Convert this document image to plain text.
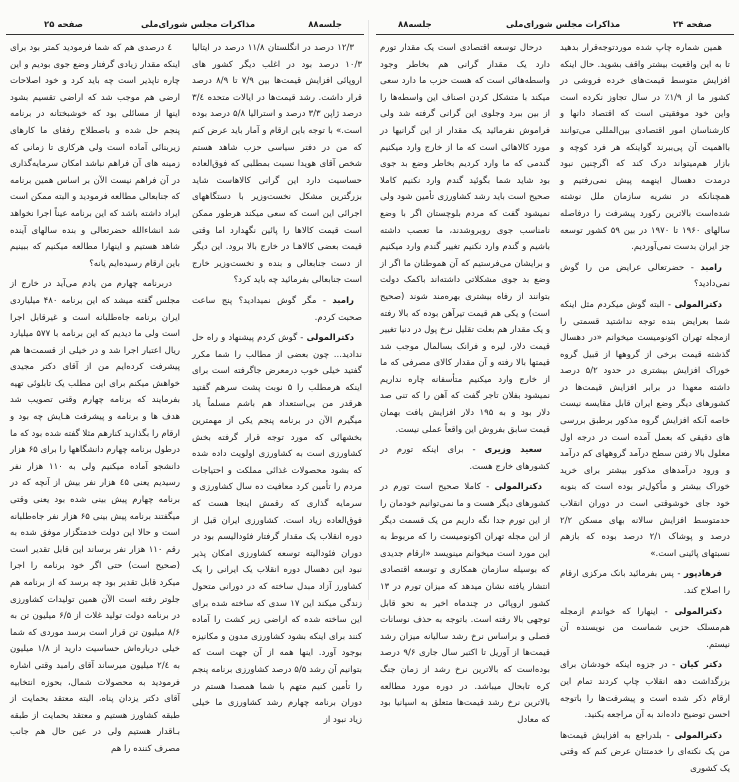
صفحه ۲۵	مذاکرات مجلس شورای‌ملی	جلسه۸۸	جلسه۸۸	مذاکرات مجلس شورای‌ملی	صفحه ۲۴

٤ درصدی هم که شما فرمودید کمتر بود برای اینکه مقدار زیادی گرفتار وضع جوی بودیم و این چاره ناپذیر است چه باید کرد و خود اصلاحات ارضی هم موجب شد که اراضی تقسیم بشود اینها از مسائلی بود که خوشبختانه در برنامه پنجم حل شده و باصطلاح رفقای ما کارهای زیربنائی آماده است ولی هرکاری تا زمانی که زمینه های آن فراهم نباشد امکان سرمایه‌گذاری در آن فراهم نیست الآن بر اساس همین برنامه که جنابعالی مطالعه فرمودید و البته ممکن است ایراد داشته باشد که این برنامه عیناً اجرا نخواهد شد انشاءالله حضرتعالی و بنده سالهای آینده شاهد هستیم و اینهارا مطالعه میکنیم که ببینیم باین ارقام رسیده‌ایم یانه؟

دربرنامه چهارم من یادم می‌آید در خارج از مجلس گفته میشد که این برنامه ۴۸۰ میلیاردی ایران برنامه جاه‌طلبانه است و غیرقابل اجرا است ولی ما دیدیم که این برنامه با ۵۷۷ میلیارد ریال اعتبار اجرا شد و در خیلی از قسمت‌ها هم پیشرفت کرده‌ایم من از آقای دکتر مجیدی خواهش میکنم برای این مطلب یک تابلوئی تهیه بفرمایند که برنامه چهارم وقتی تصویب شد هدف ها و برنامه و پیشرفت هـایش چه بود و ارقام را بگذارید کنارهم مثلا گفته شده بود که ما درطول برنامه چهارم دانشگاهها را برای ۶۵ هزار دانشجو آماده میکنیم ولی به ۱۱۰ هزار نفر رسیدیم یعنی ٤۵ هزار نفر بیش از آنچه که در برنامه چهارم پیش بینی شده بود یعنی وقتی میگفتند برنامه پیش بینی ۶۵ هزار نفر جاه‌طلبانه است و حالا این دولت خدمتگزار موفق شده به رقم ۱۱۰ هزار نفر برساند این قابل تقدیر است (صحیح است) حتی اگر خود برنامه را اجرا میکرد قابل تقدیر بود چه برسد که از برنامه هم جلوتر رفته است الآن همین تولیدات کشاورزی در برنامه دولت تولید غلات از ۶/۵ میلیون تن به ۸/۶ میلیون تن قرار است برسد موردی که شما خیلی درباره‌اش حساسیت دارید از ۱/۸ میلیون به ۲/٤ میلیون میرساند آقای رامبد وقتی اشاره فرمودید به محصولات شمال، بحوزه انتخابیه آقای دکتر یزدان پناه، البته معتقد بحمایت از طبقه کشاورز هستیم و معتقد بحمایت از طبقه بـاقدار هستیم ولی در عین حال هم جانب مصرف کننده را هم

۱۲/۳ درصد در انگلستان ۱۱/۸ درصد در ایتالیا ۱۰/۳ درصد بود در اغلب دیگر کشور های اروپائی افزایش قیمت‌ها بین ۷/۹ تا ۸/۹ درصد قرار داشت. رشد قیمت‌ها در ایالات متحده ۳/٤ درصد ژاپن ۳/۳ درصد و استرالیا ۵/۸ درصد بوده است.» با توجه باین ارقام و آمار باید عرض کنم که من در دفتر سیاسی حزب شاهد هستم شخص آقای هویدا نسبت بمطلبی که فوق‌العاده حساسیت دارد این گرانی کالاهاست شاید بزرگترین مشکل نخست‌وزیر با دستگاههای اجرائی این است که سعی میکند هرطور ممکن است قیمت کالاها را پائین نگهدارد اما وقتی قیمت بعضی کالاهـا در خارج بالا برود. این دیگر از دست جنابعالی و بنده و نخست‌وزیر خارج است جنابعالی بفرمائید چه باید کرد؟

رامبد - مگر گوش نمیدادید؟ پنج ساعت صحبت کردم.

دکترالمولی - گوش کردم پیشنهاد و راه حل ندادید... چون بعضی از مطالب را شما مکرر گفتید خیلی خوب درمعرض جاگرفته است برای اینکه هرمطلب را ۵ نوبت پشت سرهم گفتید هرقدر من بی‌استعداد هم باشم مسلماً یاد میگیرم الآن در برنامه پنجم یکی از مهمترین بخشهائی که مورد توجه قرار گرفته بخش کشاورزی است به کشاورزی اولویت داده شده که بشود محصولات غذائی مملکت و احتیاجات مردم را تأمین کرد معافیت ده سال کشاورزی و سرمایه گذاری که رقمش اینجا هست که فوق‌العاده زیاد است. کشاورزی ایران قبل از دوره انقلاب یک مقدار گرفتار فئودالیسم بود در دوران فئودالیته توسعه کشاورزی امکان پذیر نبود این دهسال دوره انقلاب یک ایرانی را یک کشاورز آزاد مبدل ساخته که در دورانی متحول زندگی میکند این ۱۷ سدی که ساخته شده برای این ساخته شده که اراضی زیر کشت را آماده کنند برای اینکه بشود کشاورزی مدون و مکانیزه بوجود آورد. اینها همه از آن جهت است که بتوانیم آن رشد ۵/۵ درصد کشاورزی برنامه پنجم را تأمین کنیم متهم با شما همصدا هستم در دوران برنامه چهارم رشد کشاورزی ما خیلی زیاد نبود از

درحال توسعه اقتصادی است یک مقدار تورم دارد یک مقدار گرانی هم بخاطر وجود واسطه‌هائی است که هست حزب ما دارد سعی میکند با متشکل کردن اصناف این واسطه‌ها را از بین ببرد وجلوی این گرانی گرفته شد ولی فراموش نفرمائید یک مقدار از این گرانیها در مورد کالاهائی است که ما از خارج وارد میکنیم گندمی که ما وارد کردیم بخاطر وضع بد جوی بود شاید شما بگوئید گندم وارد نکنیم کاملا صحیح است باید رشد کشاورزی تأمین شود ولی نمیشود گفت که مردم بلوچستان اگر با وضع نامناسب جوی روبروشدند، ما تعصب داشته باشیم و گندم وارد نکنیم تغییر گندم وارد میکنیم و برایشان می‌فرستیم که آن هموطنان ما اگر از وضع بد جوی مشکلاتی داشته‌اند باکمک دولت بتوانند از رفاه بیشتری بهره‌مند شوند (صحیح است) و یکی هم قیمت تیرآهن بوده که بالا رفته و یک مقدار هم بعلت تقلیل نرخ پول در دنیا تغییر قیمت دلار، لیره و فرانک بسالمال موجب شد قیمتها بالا رفته و آن مقدار کالای مصرفی که ما از خارج وارد میکنیم متأسفانه چاره نداریم نمیشود بفلان تاجر گفت که آهن را که تنی صد دلار بود و به ۱۹۵ دلار افزایش یافت بهمان قیمت سابق بفروش این واقعاً عملی نیست.

سعید وزیری - برای اینکه تورم در کشورهای خارج هست.

دکترالمولی - کاملا صحیح است تورم در کشورهای دیگر هست و ما نمی‌توانیم خودمان را از این تورم جدا نگه داریم من یک قسمت دیگر از این مجله تهران اکونومیست را که مربوط به این مورد است میخوانم مینویسد «ارقام جدیدی که بوسیله سازمان همکاری و توسعه اقتصادی انتشار یافته نشان میدهد که میزان تورم در ۱۳ کشور اروپائی در چندماه اخیر به نحو قابل توجهی بالا رفته است. باتوجه به حذف نوسانات فصلی و براساس نرخ رشد سالیانه میزان رشد قیمت‌ها از آوریل تا اکتبر سال جاری ۹/۶ درصد بوده‌است که بالاترین نرخ رشد از زمان جنگ کره تابحال میباشد. در دوره مورد مطالعه بالاترین نرخ رشد قیمت‌ها متعلق به اسپانیا بود که معادل

همین شماره چاپ شده موردتوجه‌قرار بدهید تا به این واقعیت بیشتر واقف بشوید. حال اینکه افزایش متوسط قیمت‌های خرده فروشی در کشور ما از ۱/۹٪ در سال تجاوز نکرده است واین خود موفقیتی است که اقتصاد دانها و کارشناسان امور اقتصادی بین‌المللی می‌توانند بااهمیت آن پی‌ببرند گواینکه هر فرد کوچه و بازار هم‌میتواند درک کند که اگرچنین نبود درمدت دهسال اینهمه پیش نمی‌رفتیم و همچنانکه در نشریه سازمان ملل نوشته شده‌است بالاترین رکورد پیشرفت را درفاصله سالهای ۱۹۶۰ تا ۱۹۷۰ در بین ۵۹ کشور توسعه جز ایران بدست نمی‌آوردیم.

رامبد - حضرتعالی عرایض من را گوش نمی‌دادید؟

دکترالمولی - البته گوش میکردم مثل اینکه شما بعرایض بنده توجه نداشتید قسمتی را ازمجله تهران اکونومیست میخوانم «در دهسال گذشته قیمت برخی از گروهها از قبیل گروه خوراک افزایش بیشتری در حدود ۵/۲ درصد داشته معهذا در برابر افزایش قیمت‌ها در کشورهای دیگر وضع ایران قابل مقایسه نیست خاصه آنکه افزایش گروه مذکور برطبق بررسی های دقیقی که بعمل آمده است در درجه اول معلول بالا رفتن سطح درآمد گروههای کم درآمد و ورود درآمدهای مذکور بیشتر برای خرید خوراک بیشتر و مأکول‌تر بوده است که بنوبه خود جای خوشوقتی است در دوران انقلاب حدمتوسط افزایش سالانه بهای مسکن ۲/۲ درصد و پوشاک ۲/۱ درصد بوده که بازهم نسبتهای پائینی است.»

فرهادپور - پس بفرمائید بانک مرکزی ارقام را اصلاح کند.

دکترالمولی - اینهارا که خواندم ازمجله هم‌مسلک حزبی شماست من نویسنده آن نیستم.

دکتر کیان - در جزوه اینکه خودشان برای بزرگداشت دهه انقلاب چاپ کردند تمام این ارقام ذکر شده است و پیشرفت‌ها را باتوجه احسن توضیح داده‌اند به آن مراجعه بکنید.

دکترالمولی - بلدراجع به افزایش قیمت‌ها من یک نکته‌ای را خدمتتان عرض کنم که وقتی یک کشوری
